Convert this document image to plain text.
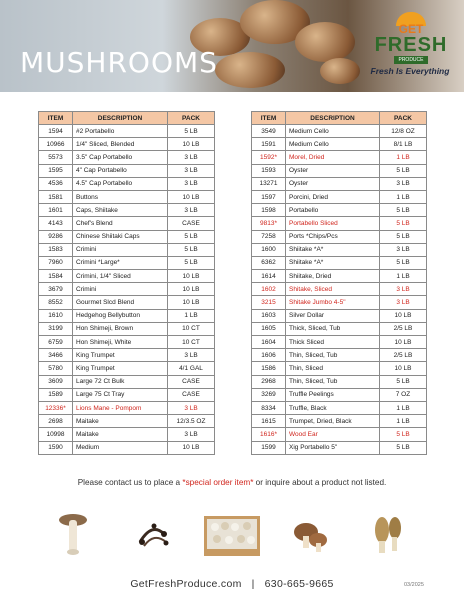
MUSHROOMS
GET
FRESH
PRODUCE
Fresh Is Everything
ITEM	DESCRIPTION	PACK
1594	#2 Portabello	5 LB
10966	1/4" Sliced, Blended	10 LB
5573	3.5" Cap Portabello	3 LB
1595	4" Cap Portabello	3 LB
4536	4.5" Cap Portabello	3 LB
1581	Buttons	10 LB
1601	Caps, Shiitake	3 LB
4143	Chef's Blend	CASE
9286	Chinese Shiitaki Caps	5 LB
1583	Crimini	5 LB
7960	Crimini *Large*	5 LB
1584	Crimini, 1/4" Sliced	10 LB
3679	Crimini	10 LB
8552	Gourmet Slcd Blend	10 LB
1610	Hedgehog Bellybutton	1 LB
3199	Hon Shimeji, Brown	10 CT
6759	Hon Shimeji, White	10 CT
3466	King Trumpet	3 LB
5780	King Trumpet	4/1 GAL
3609	Large 72 Ct Bulk	CASE
1589	Large 75 Ct Tray	CASE
12336*	Lions Mane - Pompom	3 LB
2698	Maitake	12/3.5 OZ
10998	Maitake	3 LB
1590	Medium	10 LB
ITEM	DESCRIPTION	PACK
3549	Medium Cello	12/8 OZ
1591	Medium Cello	8/1 LB
1592*	Morel, Dried	1 LB
1593	Oyster	5 LB
13271	Oyster	3 LB
1597	Porcini, Dried	1 LB
1598	Portabello	5 LB
9813*	Portabello Sliced	5 LB
7258	Ports *Chips/Pcs	5 LB
1600	Shiitake *A*	3 LB
6362	Shiitake *A*	5 LB
1614	Shiitake, Dried	1 LB
1602	Shitake, Sliced	3 LB
3215	Shitake Jumbo 4-5"	3 LB
1603	Silver Dollar	10 LB
1605	Thick, Sliced, Tub	2/5 LB
1604	Thick Sliced	10 LB
1606	Thin, Sliced, Tub	2/5 LB
1586	Thin, Sliced	10 LB
2968	Thin, Sliced, Tub	5 LB
3269	Truffle Peelings	7 OZ
8334	Truffle, Black	1 LB
1615	Trumpet, Dried, Black	1 LB
1616*	Wood Ear	5 LB
1599	Xig Portabello 5"	5 LB
Please contact us to place a *special order item* or inquire about a product not listed.
GetFreshProduce.com | 630-665-9665	03/2025
